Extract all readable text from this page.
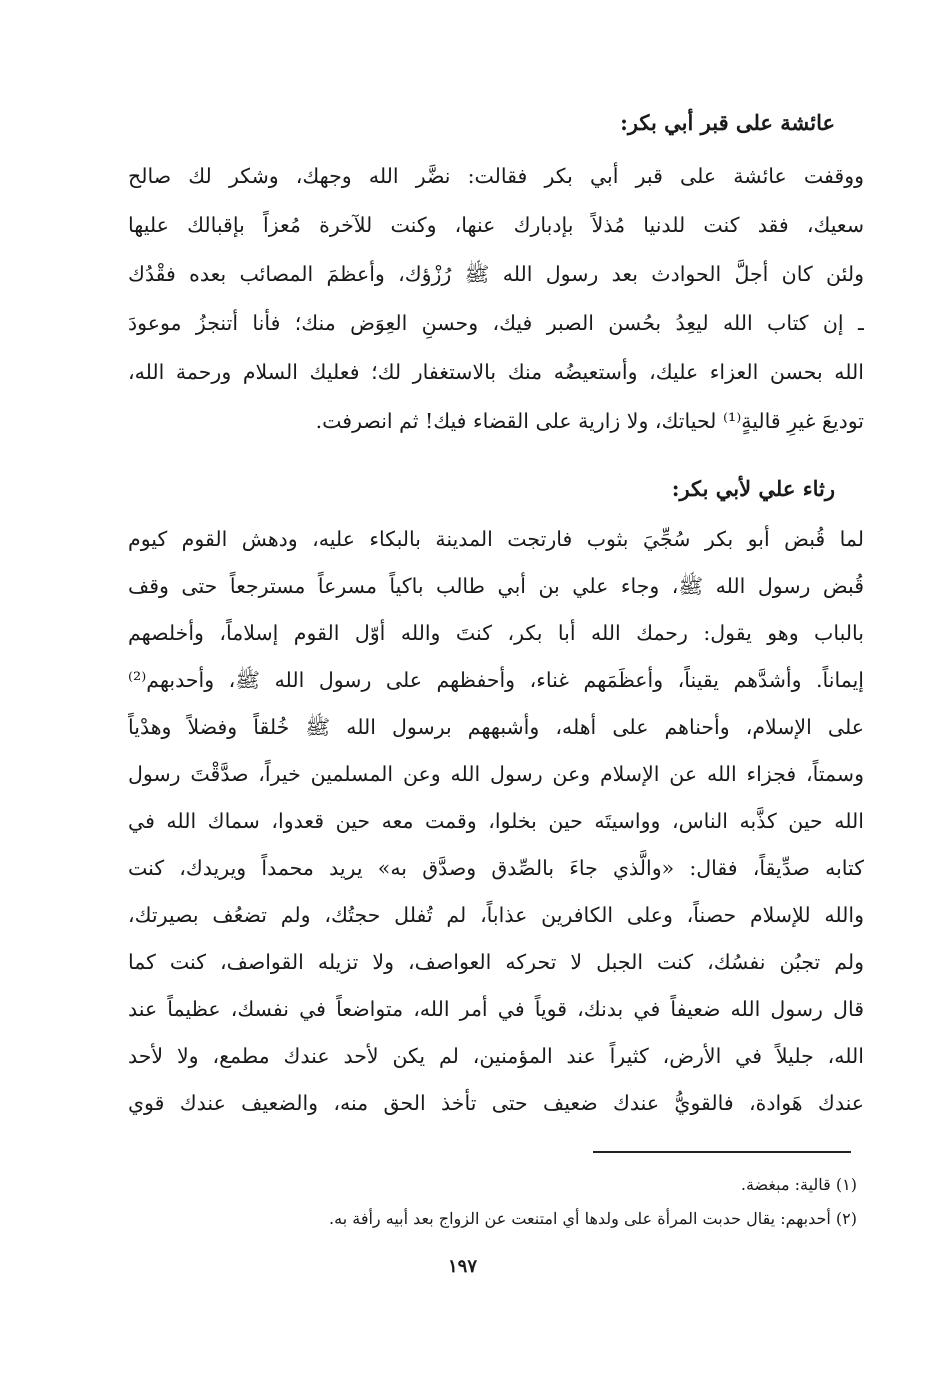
عائشة على قبر أبي بكر:
ووقفت عائشة على قبر أبي بكر فقالت: نضَّر الله وجهك، وشكر لك صالح
سعيك، فقد كنت للدنيا مُذلاً بإدبارك عنها، وكنت للآخرة مُعزاً بإقبالك عليها
ولئن كان أجلَّ الحوادث بعد رسول الله ﷺ رُزْؤك، وأعظمَ المصائب بعده فقْدُك
ـ إن كتاب الله ليعِدُ بحُسن الصبر فيك، وحسنِ العِوَض منك؛ فأنا أتنجزُ موعودَ
الله بحسن العزاء عليك، وأستعيضُه منك بالاستغفار لك؛ فعليك السلام ورحمة الله،
توديعَ غيرِ قاليةٍ⁽¹⁾ لحياتك، ولا زارية على القضاء فيك! ثم انصرفت.
رثاء علي لأبي بكر:
لما قُبض أبو بكر سُجِّيَ بثوب فارتجت المدينة بالبكاء عليه، ودهش القوم كيوم
قُبض رسول الله ﷺ، وجاء علي بن أبي طالب باكياً مسرعاً مسترجعاً حتى وقف
بالباب وهو يقول: رحمك الله أبا بكر، كنتَ والله أوّل القوم إسلاماً، وأخلصهم
إيماناً. وأشدَّهم يقيناً، وأعظَمَهم غناء، وأحفظهم على رسول الله ﷺ، وأحدبهم⁽²⁾
على الإسلام، وأحناهم على أهله، وأشبههم برسول الله ﷺ خُلقاً وفضلاً وهدْياً
وسمتاً، فجزاء الله عن الإسلام وعن رسول الله وعن المسلمين خيراً، صدَّقْتَ رسول
الله حين كذَّبه الناس، وواسيتَه حين بخلوا، وقمت معه حين قعدوا، سماك الله في
كتابه صدِّيقاً، فقال: «والَّذي جاءَ بالصِّدق وصدَّق به» يريد محمداً ويريدك، كنت
والله للإسلام حصناً، وعلى الكافرين عذاباً، لم تُفلل حجتُك، ولم تضعُف بصيرتك،
ولم تجبُن نفسُك، كنت الجبل لا تحركه العواصف، ولا تزيله القواصف، كنت كما
قال رسول الله ضعيفاً في بدنك، قوياً في أمر الله، متواضعاً في نفسك، عظيماً عند
الله، جليلاً في الأرض، كثيراً عند المؤمنين، لم يكن لأحد عندك مطمع، ولا لأحد
عندك هَوادة، فالقويُّ عندك ضعيف حتى تأخذ الحق منه، والضعيف عندك قوي
(١) قالية: مبغضة.
(٢) أحدبهم: يقال حدبت المرأة على ولدها أي امتنعت عن الزواج بعد أبيه رأفة به.
١٩٧
